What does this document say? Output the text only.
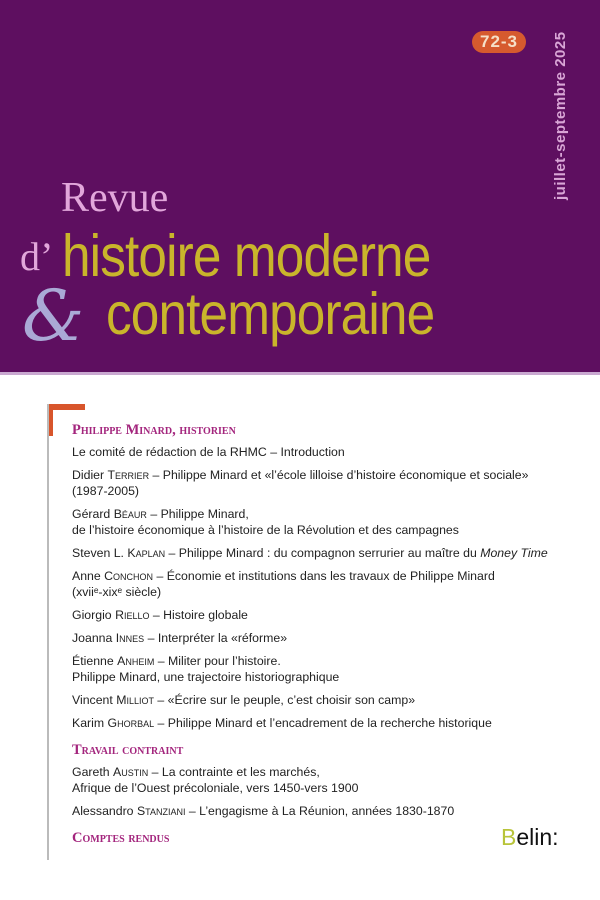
72-3	juillet-septembre 2025
Revue
d’
&
histoire moderne
contemporaine
Philippe Minard, historien
Le comité de rédaction de la RHMC – Introduction
Didier Terrier – Philippe Minard et «l’école lilloise d’histoire économique et sociale»
(1987-2005)
Gérard Béaur – Philippe Minard,
de l’histoire économique à l’histoire de la Révolution et des campagnes
Steven L. Kaplan – Philippe Minard : du compagnon serrurier au maître du Money Time
Anne Conchon – Économie et institutions dans les travaux de Philippe Minard
(xviiᵉ-xixᵉ siècle)
Giorgio Riello – Histoire globale
Joanna Innes – Interpréter la «réforme»
Étienne Anheim – Militer pour l’histoire.
Philippe Minard, une trajectoire historiographique
Vincent Milliot – «Écrire sur le peuple, c’est choisir son camp»
Karim Ghorbal – Philippe Minard et l’encadrement de la recherche historique
Travail contraint
Gareth Austin – La contrainte et les marchés,
Afrique de l’Ouest précoloniale, vers 1450-vers 1900
Alessandro Stanziani – L’engagisme à La Réunion, années 1830-1870
Comptes rendus	Belin:
